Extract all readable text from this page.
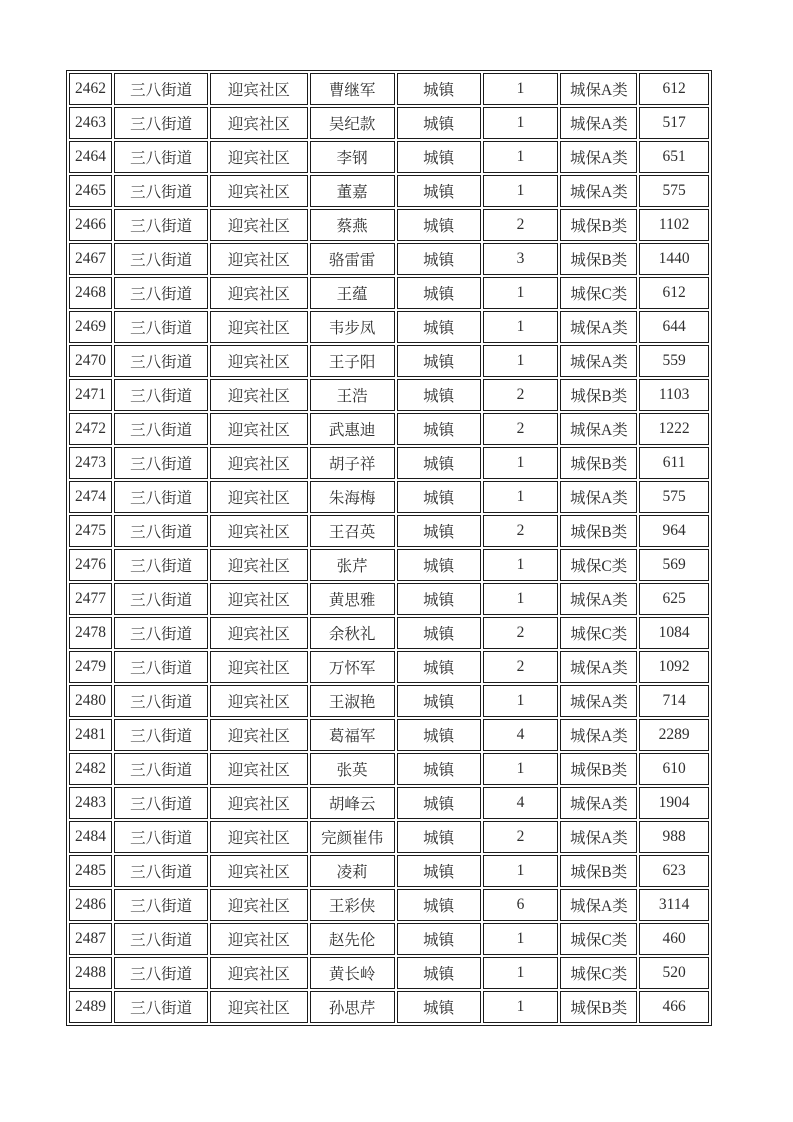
2462	三八街道	迎宾社区	曹继军	城镇	1	城保A类	612
2463	三八街道	迎宾社区	吴纪款	城镇	1	城保A类	517
2464	三八街道	迎宾社区	李钢	城镇	1	城保A类	651
2465	三八街道	迎宾社区	董嘉	城镇	1	城保A类	575
2466	三八街道	迎宾社区	蔡燕	城镇	2	城保B类	1102
2467	三八街道	迎宾社区	骆雷雷	城镇	3	城保B类	1440
2468	三八街道	迎宾社区	王蕴	城镇	1	城保C类	612
2469	三八街道	迎宾社区	韦步凤	城镇	1	城保A类	644
2470	三八街道	迎宾社区	王子阳	城镇	1	城保A类	559
2471	三八街道	迎宾社区	王浩	城镇	2	城保B类	1103
2472	三八街道	迎宾社区	武惠迪	城镇	2	城保A类	1222
2473	三八街道	迎宾社区	胡子祥	城镇	1	城保B类	611
2474	三八街道	迎宾社区	朱海梅	城镇	1	城保A类	575
2475	三八街道	迎宾社区	王召英	城镇	2	城保B类	964
2476	三八街道	迎宾社区	张芹	城镇	1	城保C类	569
2477	三八街道	迎宾社区	黄思雅	城镇	1	城保A类	625
2478	三八街道	迎宾社区	余秋礼	城镇	2	城保C类	1084
2479	三八街道	迎宾社区	万怀军	城镇	2	城保A类	1092
2480	三八街道	迎宾社区	王淑艳	城镇	1	城保A类	714
2481	三八街道	迎宾社区	葛福军	城镇	4	城保A类	2289
2482	三八街道	迎宾社区	张英	城镇	1	城保B类	610
2483	三八街道	迎宾社区	胡峰云	城镇	4	城保A类	1904
2484	三八街道	迎宾社区	完颜崔伟	城镇	2	城保A类	988
2485	三八街道	迎宾社区	凌莉	城镇	1	城保B类	623
2486	三八街道	迎宾社区	王彩侠	城镇	6	城保A类	3114
2487	三八街道	迎宾社区	赵先伦	城镇	1	城保C类	460
2488	三八街道	迎宾社区	黄长岭	城镇	1	城保C类	520
2489	三八街道	迎宾社区	孙思芹	城镇	1	城保B类	466
